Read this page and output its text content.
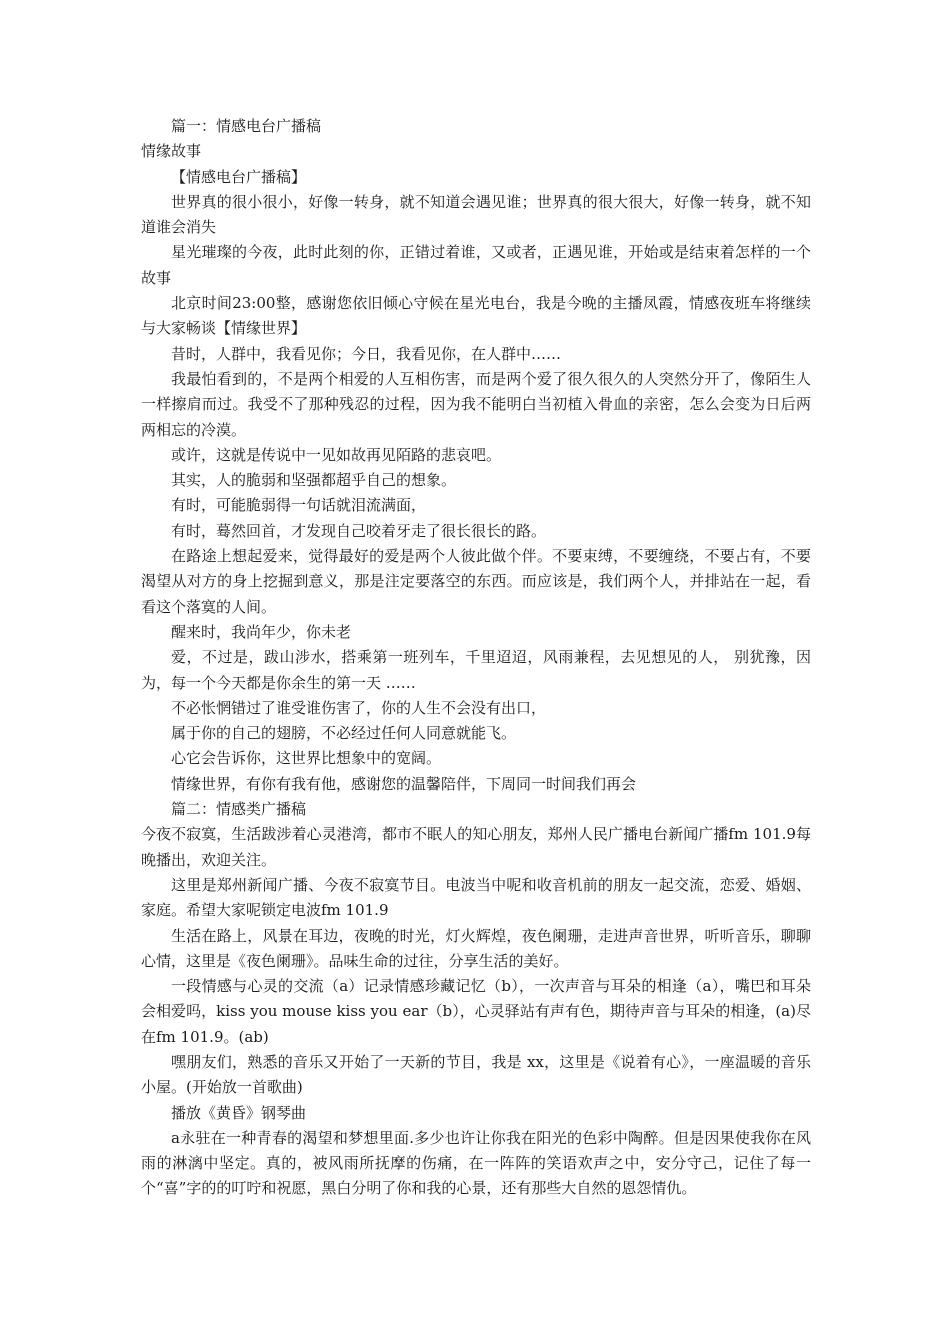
篇一：情感电台广播稿

情缘故事

【情感电台广播稿】

世界真的很小很小，好像一转身，就不知道会遇见谁；世界真的很大很大，好像一转身，就不知道谁会消失

星光璀璨的今夜，此时此刻的你，正错过着谁，又或者，正遇见谁，开始或是结束着怎样的一个故事

北京时间23:00整，感谢您依旧倾心守候在星光电台，我是今晚的主播凤霞，情感夜班车将继续与大家畅谈【情缘世界】

昔时，人群中，我看见你；今日，我看见你，在人群中……

我最怕看到的，不是两个相爱的人互相伤害，而是两个爱了很久很久的人突然分开了，像陌生人一样擦肩而过。我受不了那种残忍的过程，因为我不能明白当初植入骨血的亲密，怎么会变为日后两两相忘的冷漠。

或许，这就是传说中一见如故再见陌路的悲哀吧。

其实，人的脆弱和坚强都超乎自己的想象。

有时，可能脆弱得一句话就泪流满面，

有时，蓦然回首，才发现自己咬着牙走了很长很长的路。

在路途上想起爱来，觉得最好的爱是两个人彼此做个伴。不要束缚，不要缠绕，不要占有，不要渴望从对方的身上挖掘到意义，那是注定要落空的东西。而应该是，我们两个人，并排站在一起，看看这个落寞的人间。

醒来时，我尚年少，你未老

爱，不过是，跋山涉水，搭乘第一班列车，千里迢迢，风雨兼程，去见想见的人， 别犹豫，因为，每一个今天都是你余生的第一天 ……

不必怅惘错过了谁受谁伤害了，你的人生不会没有出口，

属于你的自己的翅膀，不必经过任何人同意就能飞。

心它会告诉你，这世界比想象中的宽阔。

情缘世界，有你有我有他，感谢您的温馨陪伴，下周同一时间我们再会

篇二：情感类广播稿

今夜不寂寞，生活跋涉着心灵港湾，都市不眠人的知心朋友，郑州人民广播电台新闻广播fm 101.9每晚播出，欢迎关注。

这里是郑州新闻广播、今夜不寂寞节目。电波当中呢和收音机前的朋友一起交流，恋爱、婚姻、家庭。希望大家呢锁定电波fm 101.9

生活在路上，风景在耳边，夜晚的时光，灯火辉煌，夜色阑珊，走进声音世界，听听音乐，聊聊心情，这里是《夜色阑珊》。品味生命的过往，分享生活的美好。

一段情感与心灵的交流（a）记录情感珍藏记忆（b），一次声音与耳朵的相逢（a），嘴巴和耳朵会相爱吗，kiss you mouse kiss you ear（b），心灵驿站有声有色，期待声音与耳朵的相逢，(a)尽在fm 101.9。(ab)

嘿朋友们，熟悉的音乐又开始了一天新的节目，我是 xx，这里是《说着有心》，一座温暖的音乐小屋。(开始放一首歌曲)

播放《黄昏》钢琴曲

a永驻在一种青春的渴望和梦想里面.多少也许让你我在阳光的色彩中陶醉。但是因果使我你在风雨的淋漓中坚定。真的，被风雨所抚摩的伤痛，在一阵阵的笑语欢声之中，安分守己，记住了每一个“喜”字的的叮咛和祝愿，黑白分明了你和我的心景，还有那些大自然的恩怨情仇。
